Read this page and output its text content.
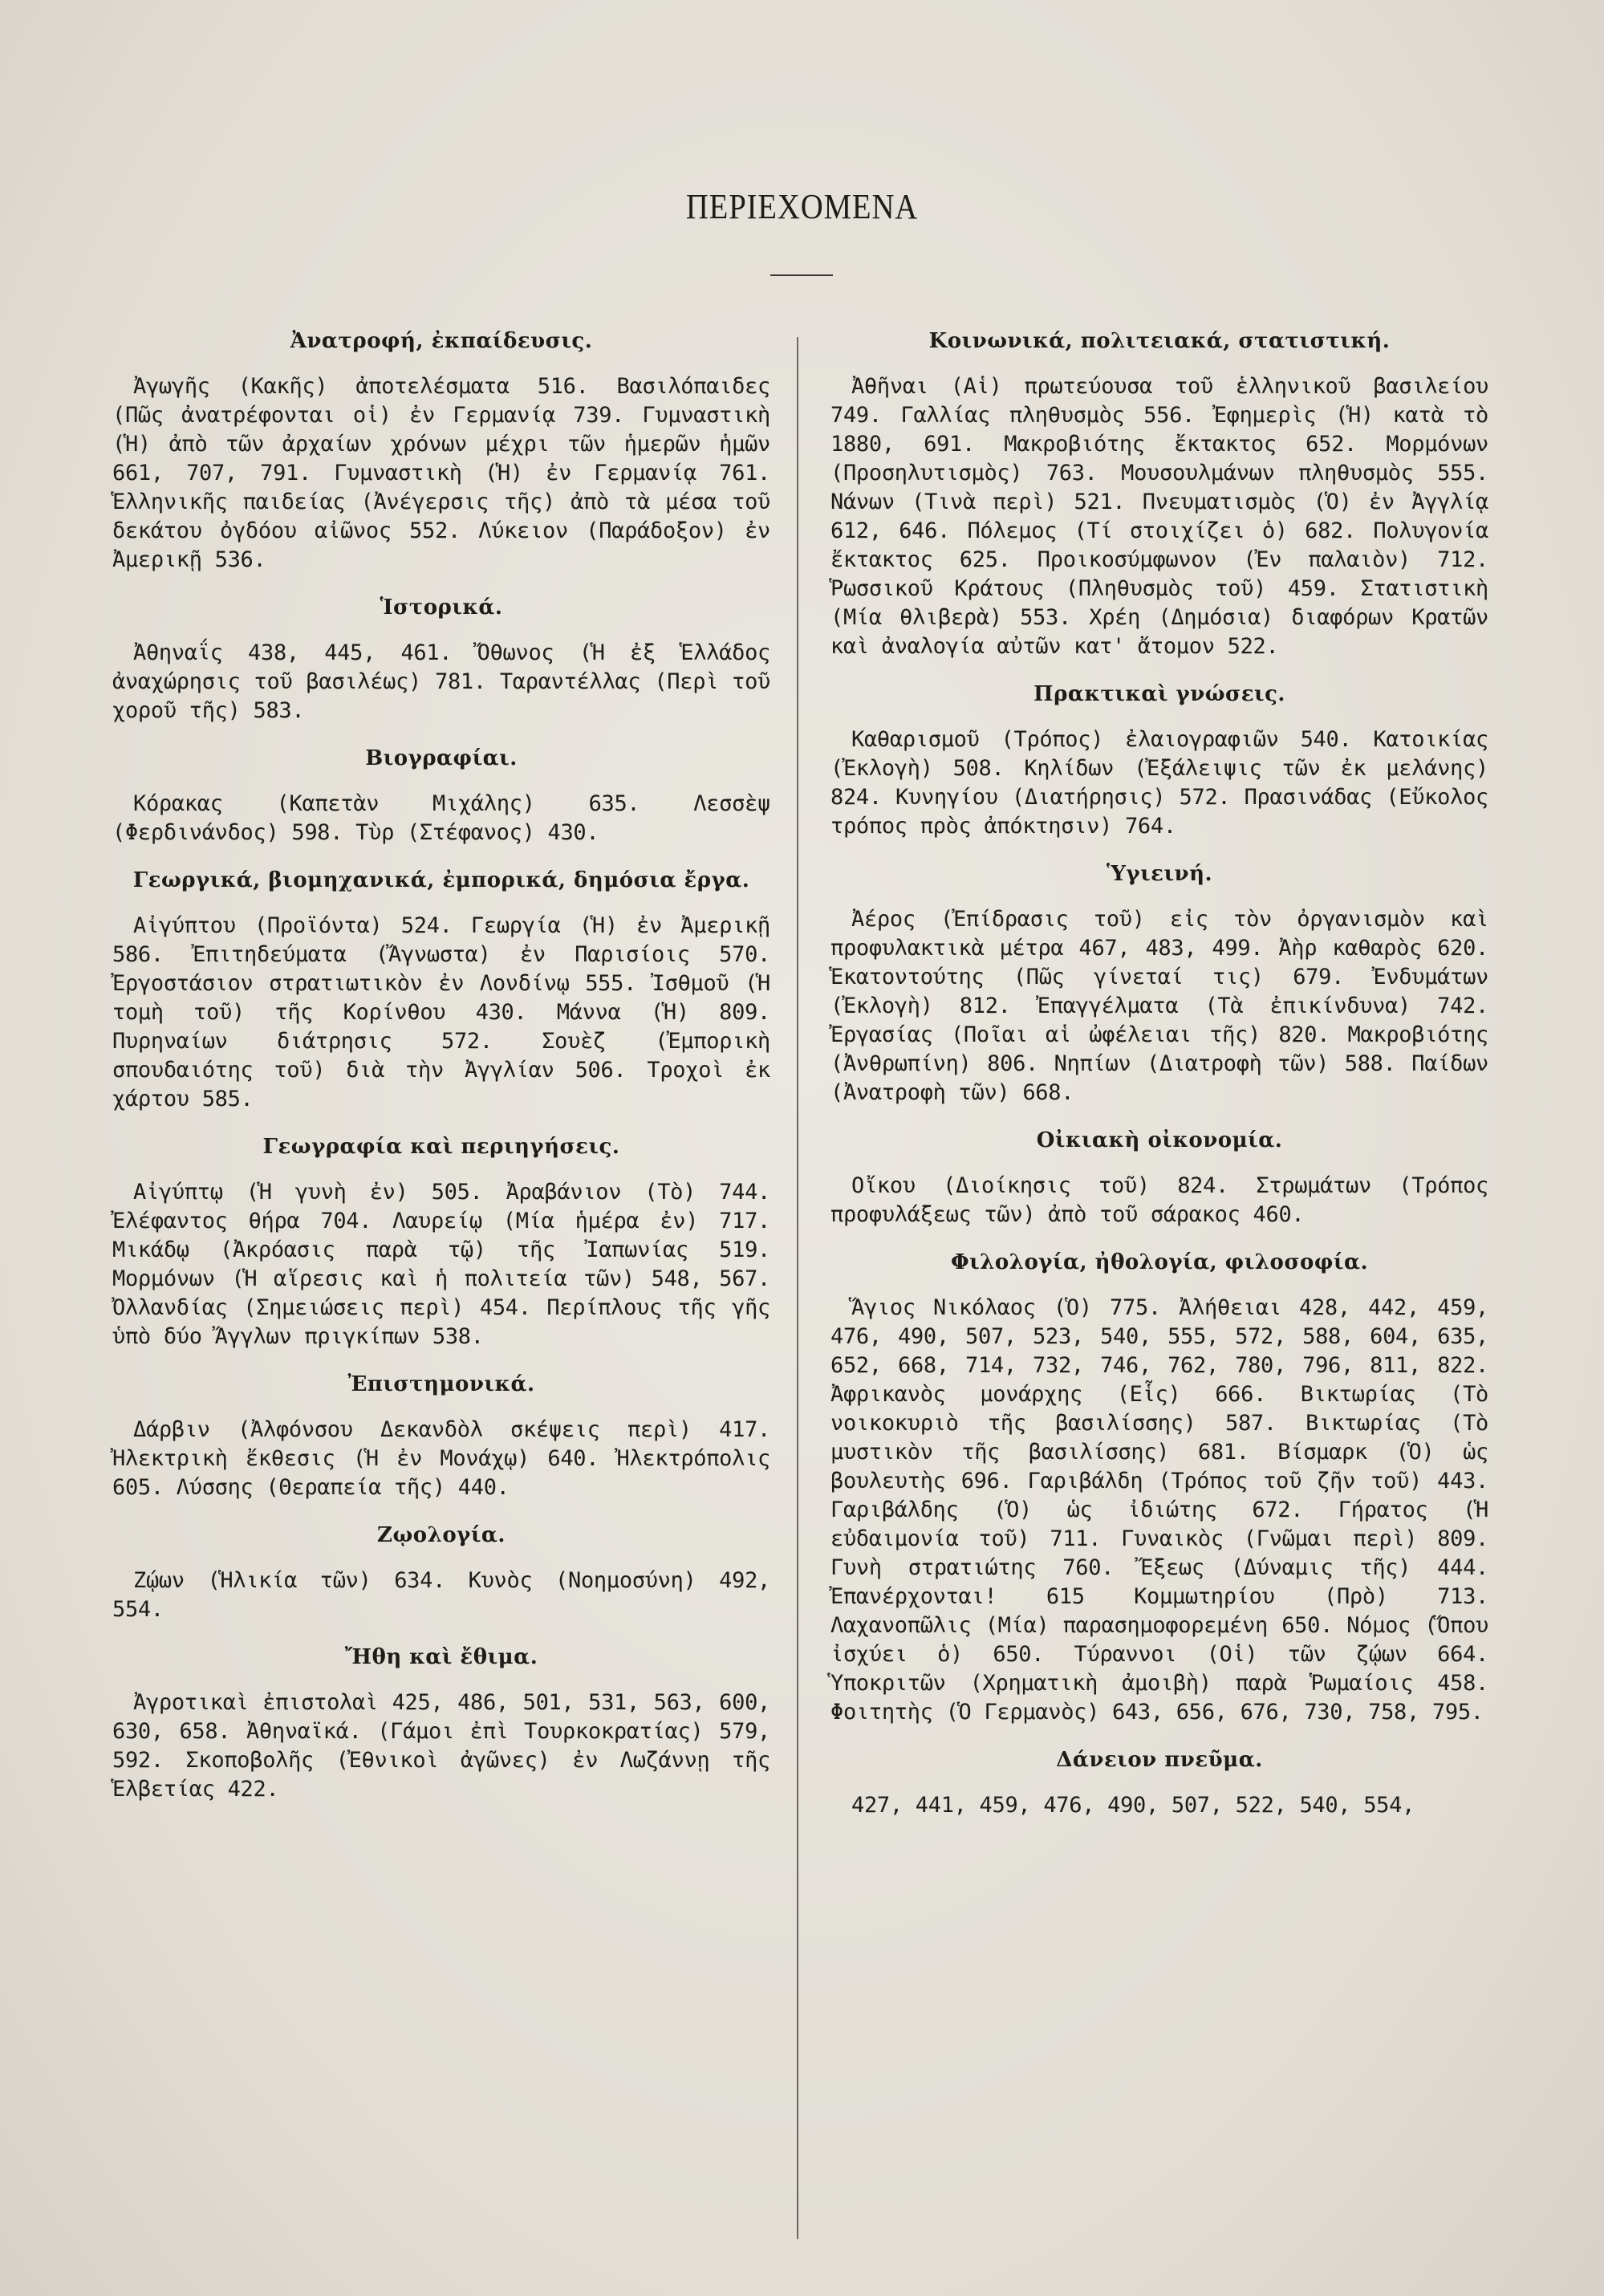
ΠΕΡΙΕΧΟΜΕΝΑ
Ἀνατροφή, ἐκπαίδευσις.

Ἀγωγῆς (Κακῆς) ἀποτελέσματα 516. Βασιλόπαιδες (Πῶς ἀνατρέφονται οἱ) ἐν Γερμανίᾳ 739. Γυμναστικὴ (Ἡ) ἀπὸ τῶν ἀρχαίων χρόνων μέχρι τῶν ἡμερῶν ἡμῶν 661, 707, 791. Γυμναστικὴ (Ἡ) ἐν Γερμανίᾳ 761. Ἑλληνικῆς παιδείας (Ἀνέγερσις τῆς) ἀπὸ τὰ μέσα τοῦ δεκάτου ὀγδόου αἰῶνος 552. Λύκειον (Παράδοξον) ἐν Ἀμερικῇ 536.

Ἱστορικά.

Ἀθηναΐς 438, 445, 461. Ὄθωνος (Ἡ ἐξ Ἑλλάδος ἀναχώρησις τοῦ βασιλέως) 781. Ταραντέλλας (Περὶ τοῦ χοροῦ τῆς) 583.

Βιογραφίαι.

Κόρακας (Καπετὰν Μιχάλης) 635. Λεσσὲψ (Φερδινάνδος) 598. Τὺρ (Στέφανος) 430.

Γεωργικά, βιομηχανικά, ἐμπορικά, δημόσια ἔργα.

Αἰγύπτου (Προϊόντα) 524. Γεωργία (Ἡ) ἐν Ἀμερικῇ 586. Ἐπιτηδεύματα (Ἄγνωστα) ἐν Παρισίοις 570. Ἐργοστάσιον στρατιωτικὸν ἐν Λονδίνῳ 555. Ἰσθμοῦ (Ἡ τομὴ τοῦ) τῆς Κορίνθου 430. Μάννα (Ἡ) 809. Πυρηναίων διάτρησις 572. Σουὲζ (Ἐμπορικὴ σπουδαιότης τοῦ) διὰ τὴν Ἀγγλίαν 506. Τροχοὶ ἐκ χάρτου 585.

Γεωγραφία καὶ περιηγήσεις.

Αἰγύπτῳ (Ἡ γυνὴ ἐν) 505. Ἀραβάνιον (Τὸ) 744. Ἐλέφαντος θήρα 704. Λαυρείῳ (Μία ἡμέρα ἐν) 717. Μικάδῳ (Ἀκρόασις παρὰ τῷ) τῆς Ἰαπωνίας 519. Μορμόνων (Ἡ αἵρεσις καὶ ἡ πολιτεία τῶν) 548, 567. Ὀλλανδίας (Σημειώσεις περὶ) 454. Περίπλους τῆς γῆς ὑπὸ δύο Ἄγγλων πριγκίπων 538.

Ἐπιστημονικά.

Δάρβιν (Ἀλφόνσου Δεκανδὸλ σκέψεις περὶ) 417. Ἠλεκτρικὴ ἔκθεσις (Ἡ ἐν Μονάχῳ) 640. Ἠλεκτρόπολις 605. Λύσσης (Θεραπεία τῆς) 440.

Ζῳολογία.

Ζῴων (Ἡλικία τῶν) 634. Κυνὸς (Νοημοσύνη) 492, 554.

Ἤθη καὶ ἔθιμα.

Ἀγροτικαὶ ἐπιστολαὶ 425, 486, 501, 531, 563, 600, 630, 658. Ἀθηναϊκά. (Γάμοι ἐπὶ Τουρκοκρατίας) 579, 592. Σκοποβολῆς (Ἐθνικοὶ ἀγῶνες) ἐν Λωζάννῃ τῆς Ἑλβετίας 422.

Κοινωνικά, πολιτειακά, στατιστική.

Ἀθῆναι (Αἱ) πρωτεύουσα τοῦ ἑλληνικοῦ βασιλείου 749. Γαλλίας πληθυσμὸς 556. Ἐφημερὶς (Ἡ) κατὰ τὸ 1880, 691. Μακροβιότης ἔκτακτος 652. Μορμόνων (Προσηλυτισμὸς) 763. Μουσουλμάνων πληθυσμὸς 555. Νάνων (Τινὰ περὶ) 521. Πνευματισμὸς (Ὁ) ἐν Ἀγγλίᾳ 612, 646. Πόλεμος (Τί στοιχίζει ὁ) 682. Πολυγονία ἔκτακτος 625. Προικοσύμφωνον (Ἐν παλαιὸν) 712. Ῥωσσικοῦ Κράτους (Πληθυσμὸς τοῦ) 459. Στατιστικὴ (Μία θλιβερὰ) 553. Χρέη (Δημόσια) διαφόρων Κρατῶν καὶ ἀναλογία αὐτῶν κατ' ἄτομον 522.

Πρακτικαὶ γνώσεις.

Καθαρισμοῦ (Τρόπος) ἐλαιογραφιῶν 540. Κατοικίας (Ἐκλογὴ) 508. Κηλίδων (Ἐξάλειψις τῶν ἐκ μελάνης) 824. Κυνηγίου (Διατήρησις) 572. Πρασινάδας (Εὔκολος τρόπος πρὸς ἀπόκτησιν) 764.

Ὑγιεινή.

Ἀέρος (Ἐπίδρασις τοῦ) εἰς τὸν ὀργανισμὸν καὶ προφυλακτικὰ μέτρα 467, 483, 499. Ἀὴρ καθαρὸς 620. Ἑκατοντούτης (Πῶς γίνεταί τις) 679. Ἐνδυμάτων (Ἐκλογὴ) 812. Ἐπαγγέλματα (Τὰ ἐπικίνδυνα) 742. Ἐργασίας (Ποῖαι αἱ ὠφέλειαι τῆς) 820. Μακροβιότης (Ἀνθρωπίνη) 806. Νηπίων (Διατροφὴ τῶν) 588. Παίδων (Ἀνατροφὴ τῶν) 668.

Οἰκιακὴ οἰκονομία.

Οἴκου (Διοίκησις τοῦ) 824. Στρωμάτων (Τρόπος προφυλάξεως τῶν) ἀπὸ τοῦ σάρακος 460.

Φιλολογία, ἠθολογία, φιλοσοφία.

Ἅγιος Νικόλαος (Ὁ) 775. Ἀλήθειαι 428, 442, 459, 476, 490, 507, 523, 540, 555, 572, 588, 604, 635, 652, 668, 714, 732, 746, 762, 780, 796, 811, 822. Ἀφρικανὸς μονάρχης (Εἷς) 666. Βικτωρίας (Τὸ νοικοκυριὸ τῆς βασιλίσσης) 587. Βικτωρίας (Τὸ μυστικὸν τῆς βασιλίσσης) 681. Βίσμαρκ (Ὁ) ὡς βουλευτὴς 696. Γαριβάλδη (Τρόπος τοῦ ζῆν τοῦ) 443. Γαριβάλδης (Ὁ) ὡς ἰδιώτης 672. Γήρατος (Ἡ εὐδαιμονία τοῦ) 711. Γυναικὸς (Γνῶμαι περὶ) 809. Γυνὴ στρατιώτης 760. Ἔξεως (Δύναμις τῆς) 444. Ἐπανέρχονται! 615 Κομμωτηρίου (Πρὸ) 713. Λαχανοπῶλις (Μία) παρασημοφορεμένη 650. Νόμος (Ὅπου ἰσχύει ὁ) 650. Τύραννοι (Οἱ) τῶν ζῴων 664. Ὑποκριτῶν (Χρηματικὴ ἀμοιβὴ) παρὰ Ῥωμαίοις 458. Φοιτητὴς (Ὁ Γερμανὸς) 643, 656, 676, 730, 758, 795.

Δάνειον πνεῦμα.

427, 441, 459, 476, 490, 507, 522, 540, 554,
